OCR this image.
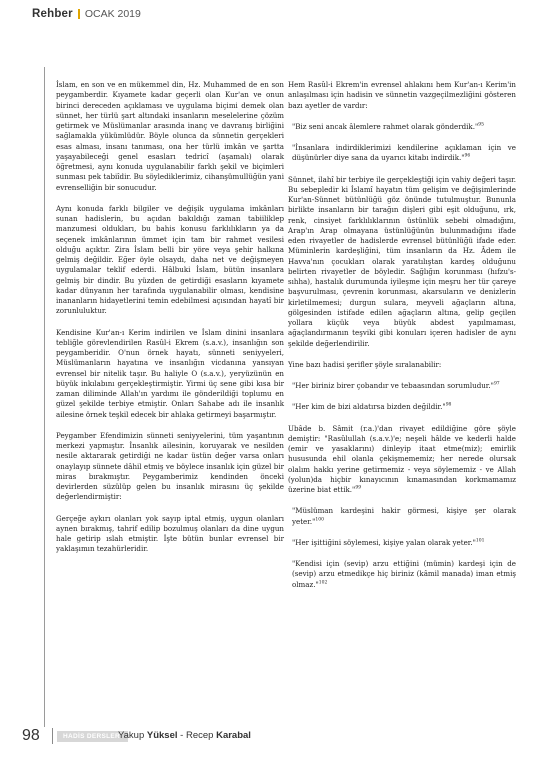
Rehber OCAK 2019

İslam, en son ve en mükemmel din, Hz. Muhammed de en son peygamberdir. Kıyamete kadar geçerli olan Kur'an ve onun birinci dereceden açıklaması ve uygulama biçimi demek olan sünnet, her türlü şart altındaki insanların meselelerine çözüm getirmek ve Müslümanlar arasında inanç ve davranış birliğini sağlamakla yükümlüdür. Böyle olunca da sünnetin gerçekleri esas alması, insanı tanıması, ona her türlü imkân ve şartta yaşayabileceği genel esasları tedricî (aşamalı) olarak öğretmesi, aynı konuda uygulanabilir farklı şekil ve biçimleri sunması pek tabiîdir. Bu söylediklerimiz, cihanşümullüğün yani evrenselliğin bir sonucudur.

Aynı konuda farklı bilgiler ve değişik uygulama imkânları sunan hadislerin, bu açıdan bakıldığı zaman tabiiliklер manzumesi oldukları, bu bahis konusu farklılıkların ya da seçenek imkânlarının ümmet için tam bir rahmet vesilesi olduğu açıktır. Zira İslam belli bir yöre veya şehir halkına gelmiş değildir. Eğer öyle olsaydı, daha net ve değişmeyen uygulamalar teklif ederdi. Hâlbuki İslam, bütün insanlara gelmiş bir dindir. Bu yüzden de getirdiği esasların kıyamete kadar dünyanın her tarafında uygulanabilir olması, kendisine inananların hidayetlerini temin edebilmesi açısından hayatî bir zorunluluktur.

Kendisine Kur'an-ı Kerim indirilen ve İslam dinini insanlara tebliğle görevlendirilen Rasûl-i Ekrem (s.a.v.), insanlığın son peygamberidir. O'nun örnek hayatı, sünneti seniyyeleri, Müslümanların hayatına ve insanlığın vicdanına yansıyan evrensel bir nitelik taşır. Bu haliyle O (s.a.v.), yeryüzünün en büyük inkılabını gerçekleştirmiştir. Yirmi üç sene gibi kısa bir zaman diliminde Allah'ın yardımı ile gönderildiği toplumu en güzel şekilde terbiye etmiştir. Onları Sahabe adı ile insanlık ailesine örnek teşkil edecek bir ahlaka getirmeyi başarmıştır.

Peygamber Efendimizin sünneti seniyyelerini, tüm yaşantının merkezi yapmıştır. İnsanlık ailesinin, koruyarak ve nesilden nesile aktararak getirdiği ne kadar üstün değer varsa onları onaylayıp sünnete dâhil etmiş ve böylece insanlık için güzel bir miras bırakmıştır. Peygamberimiz kendinden önceki devirlerden süzülüp gelen bu insanlık mirasını üç şekilde değerlendirmiştir:

Gerçeğe aykırı olanları yok sayıp iptal etmiş, uygun olanları aynen bırakmış, tahrif edilip bozulmuş olanları da dine uygun hale getirip ıslah etmiştir. İşte bütün bunlar evrensel bir yaklaşımın tezahürleridir.

Hem Rasûl-i Ekrem'in evrensel ahlakını hem Kur'an-ı Kerim'in anlaşılması için hadisin ve sünnetin vazgeçilmezliğini gösteren bazı ayetler de vardır:

"Biz seni ancak âlemlere rahmet olarak gönderdik."$^{95}$

"İnsanlara indirdiklerimizi kendilerine açıklaman için ve düşünürler diye sana da uyarıcı kitabı indirdik."$^{96}$

Sünnet, ilahî bir terbiye ile gerçekleştiği için vahiy değeri taşır. Bu sebepledir ki İslamî hayatın tüm gelişim ve değişimlerinde Kur'an-Sünnet bütünlüğü göz önünde tutulmuştur. Bununla birlikte insanların bir tarağın dişleri gibi eşit olduğunu, ırk, renk, cinsiyet farklılıklarının üstünlük sebebi olmadığını, Arap'ın Arap olmayana üstünlüğünün bulunmadığını ifade eden rivayetler de hadislerde evrensel bütünlüğü ifade eder. Müminlerin kardeşliğini, tüm insanların da Hz. Âdem ile Havva'nın çocukları olarak yaratılıştan kardeş olduğunu belirten rivayetler de böyledir. Sağlığın korunması (hıfzu's-sıhha), hastalık durumunda iyileşme için meşru her tür çareye başvurulması, çevrenin korunması, akarsuların ve denizlerin kirletilmemesi; durgun sulara, meyveli ağaçların altına, gölgesinden istifade edilen ağaçların altına, gelip geçilen yollara küçük veya büyük abdest yapılmaması, ağaçlandırmanın teşviki gibi konuları içeren hadisler de aynı şekilde değerlendirilir.

Yine bazı hadisi şerifler şöyle sıralanabilir:

"Her biriniz birer çobandır ve tebaasından sorumludur."$^{97}$

"Her kim de bizi aldatırsa bizden değildir."$^{98}$

Ubâde b. Sâmit (r.a.)'dan rivayet edildiğine göre şöyle demiştir: "Rasûlullah (s.a.v.)'e; neşeli hâlde ve kederli halde (emir ve yasaklarını) dinleyip itaat etme(miz); emirlik hususunda ehil olanla çekişmememiz; her nerede olursak olalım hakkı yerine getirmemiz - veya söylememiz - ve Allah (yolun)da hiçbir kınayıcının kınamasından korkmamamız üzerine biat ettik."$^{99}$

"Müslüman kardeşini hakir görmesi, kişiye şer olarak yeter."$^{100}$

"Her işittiğini söylemesi, kişiye yalan olarak yeter."$^{101}$

"Kendisi için (sevip) arzu ettiğini (mümin) kardeşi için de (sevip) arzu etmedikçe hiç biriniz (kâmil manada) iman etmiş olmaz."$^{102}$

98	HADİS DERSLERİ
Yakup Yüksel - Recep Karabal
